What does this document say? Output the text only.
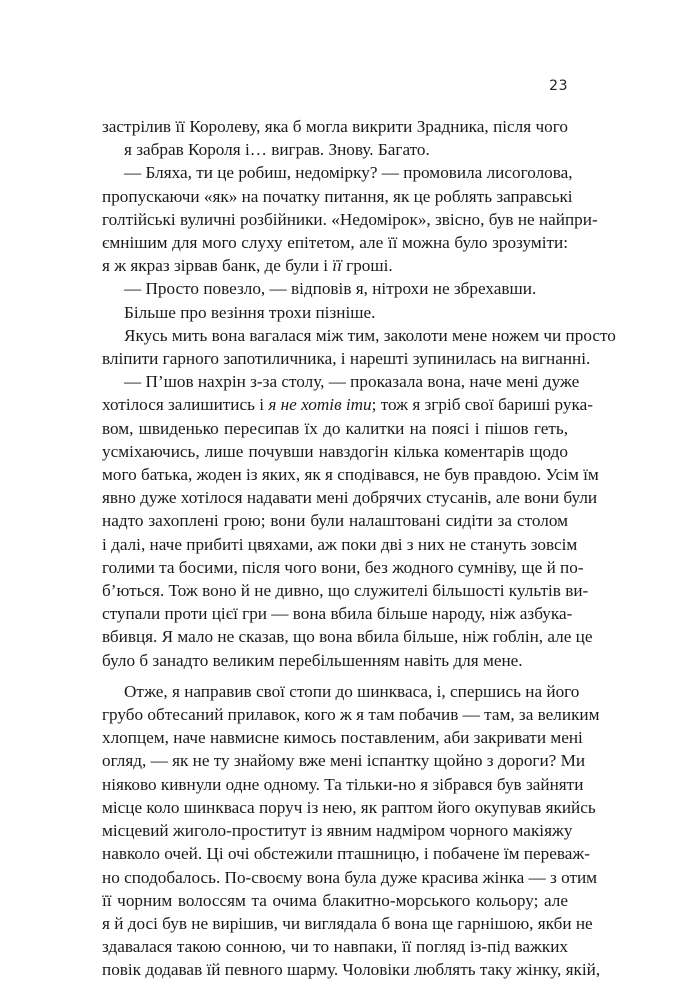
23
застрілив її Королеву, яка б могла викрити Зрадника, після чого
я забрав Короля і… виграв. Знову. Багато.
— Бляха, ти це робиш, недомірку? — промовила лисоголова,
пропускаючи «як» на початку питання, як це роблять заправські
голтійські вуличні розбійники. «Недомірок», звісно, був не найпри-
ємнішим для мого слуху епітетом, але її можна було зрозуміти:
я ж якраз зірвав банк, де були і її гроші.
— Просто повезло, — відповів я, нітрохи не збрехавши.
Більше про везіння трохи пізніше.
Якусь мить вона вагалася між тим, заколоти мене ножем чи просто
вліпити гарного запотиличника, і нарешті зупинилась на вигнанні.
— П’шов нахрін з-за столу, — проказала вона, наче мені дуже
хотілося залишитись і я не хотів іти; тож я згріб свої бариші рука-
вом, швиденько пересипав їх до калитки на поясі і пішов геть,
усміхаючись, лише почувши навздогін кілька коментарів щодо
мого батька, жоден із яких, як я сподівався, не був правдою. Усім їм
явно дуже хотілося надавати мені добрячих стусанів, але вони були
надто захоплені грою; вони були налаштовані сидіти за столом
і далі, наче прибиті цвяхами, аж поки дві з них не стануть зовсім
голими та босими, після чого вони, без жодного сумніву, ще й по-
б’ються. Тож воно й не дивно, що служителі більшості культів ви-
ступали проти цієї гри — вона вбила більше народу, ніж азбука-
вбивця. Я мало не сказав, що вона вбила більше, ніж гоблін, але це
було б занадто великим перебільшенням навіть для мене.
Отже, я направив свої стопи до шинкваса, і, спершись на його
грубо обтесаний прилавок, кого ж я там побачив — там, за великим
хлопцем, наче навмисне кимось поставленим, аби закривати мені
огляд, — як не ту знайому вже мені іспантку щойно з дороги? Ми
ніяково кивнули одне одному. Та тільки-но я зібрався був зайняти
місце коло шинкваса поруч із нею, як раптом його окупував якийсь
місцевий жиголо-проститут із явним надміром чорного макіяжу
навколо очей. Ці очі обстежили пташницю, і побачене їм переваж-
но сподобалось. По-своєму вона була дуже красива жінка — з отим
її чорним волоссям та очима блакитно-морського кольору; але
я й досі був не вирішив, чи виглядала б вона ще гарнішою, якби не
здавалася такою сонною, чи то навпаки, її погляд із-під важких
повік додавав їй певного шарму. Чоловіки люблять таку жінку, якій,
